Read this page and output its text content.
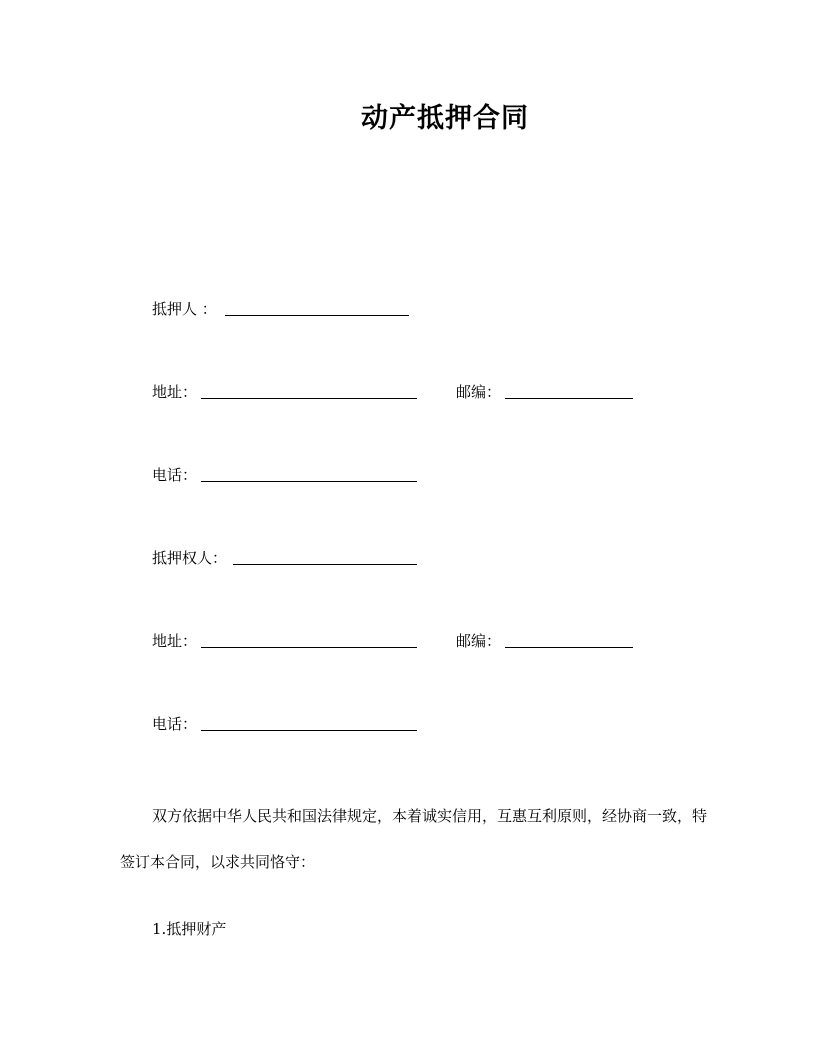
动产抵押合同
抵押人 ：
地址：	邮编：
电话：
抵押权人：
地址：	邮编：
电话：

双方依据中华人民共和国法律规定，本着诚实信用，互惠互利原则，经协商一致，特签订本合同，以求共同恪守：

1.抵押财产
